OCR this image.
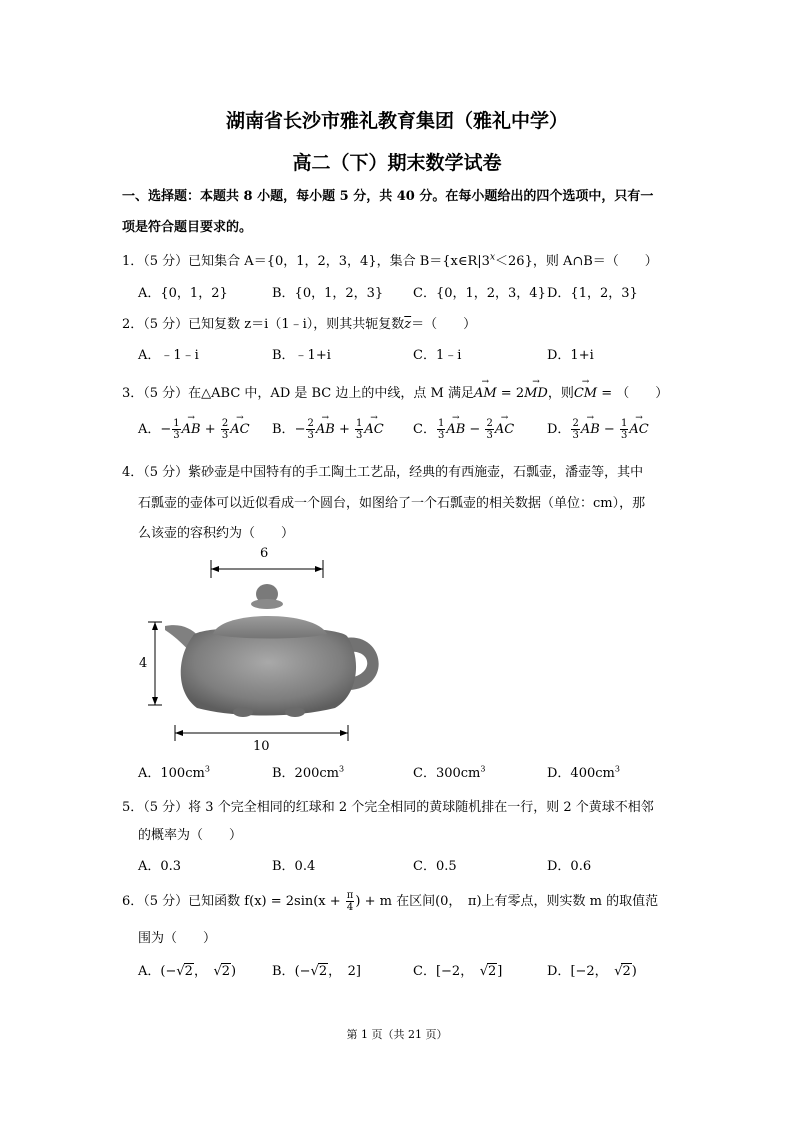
湖南省长沙市雅礼教育集团（雅礼中学）
高二（下）期末数学试卷
一、选择题：本题共 8 小题，每小题 5 分，共 40 分。在每小题给出的四个选项中，只有一
项是符合题目要求的。
1．（5 分）已知集合 A＝{0，1，2，3，4}，集合 $B=\{x\in R|3^x<26\}$，则 A∩B＝（　　）
A．{0，1，2}	B．{0，1，2，3} C．{0，1，2，3，4} D．{1，2，3}
2．（5 分）已知复数 z＝i（1﹣i），则其共轭复数$\overline{z}=$（　　）
A．﹣1﹣i	B．﹣1+i	C．1﹣i	D．1+i
3．（5 分）在△ABC 中，AD 是 BC 边上的中线，点 M 满足→ AM = 2→ MD，则→ CM = （　　）
A．− $\frac{1}{3}$ → AB + $\frac{2}{3}$ → AC B．− $\frac{2}{3}$ → AB + $\frac{1}{3}$ → AC C． $\frac{1}{3}$ → AB − $\frac{2}{3}$ → AC	D． $\frac{2}{3}$ → AB − $\frac{1}{3}$ → AC
4．（5 分）紫砂壶是中国特有的手工陶土工艺品，经典的有西施壶，石瓢壶，潘壶等，其中
石瓢壶的壶体可以近似看成一个圆台，如图给了一个石瓢壶的相关数据（单位：cm），那
么该壶的容积约为（　　）
6
4
10
A．$100cm^3$	B．$200cm^3$	C．$300cm^3$	D．$400cm^3$
5．（5 分）将 3 个完全相同的红球和 2 个完全相同的黄球随机排在一行，则 2 个黄球不相邻
的概率为（　　）
A．0.3	B．0.4	C．0.5	D．0.6
6．（5 分）已知函数 $f(x) = 2\sin(x + \frac{\pi}{4}$ ) + m 在区间(0，　π)上有零点，则实数 m 的取值范
围为（　　）
A．(−√2，　√2)	B．(−√2，　2]	C．[−2，　√2]	D．[−2，　√2)
第 1 页（共 21 页）
